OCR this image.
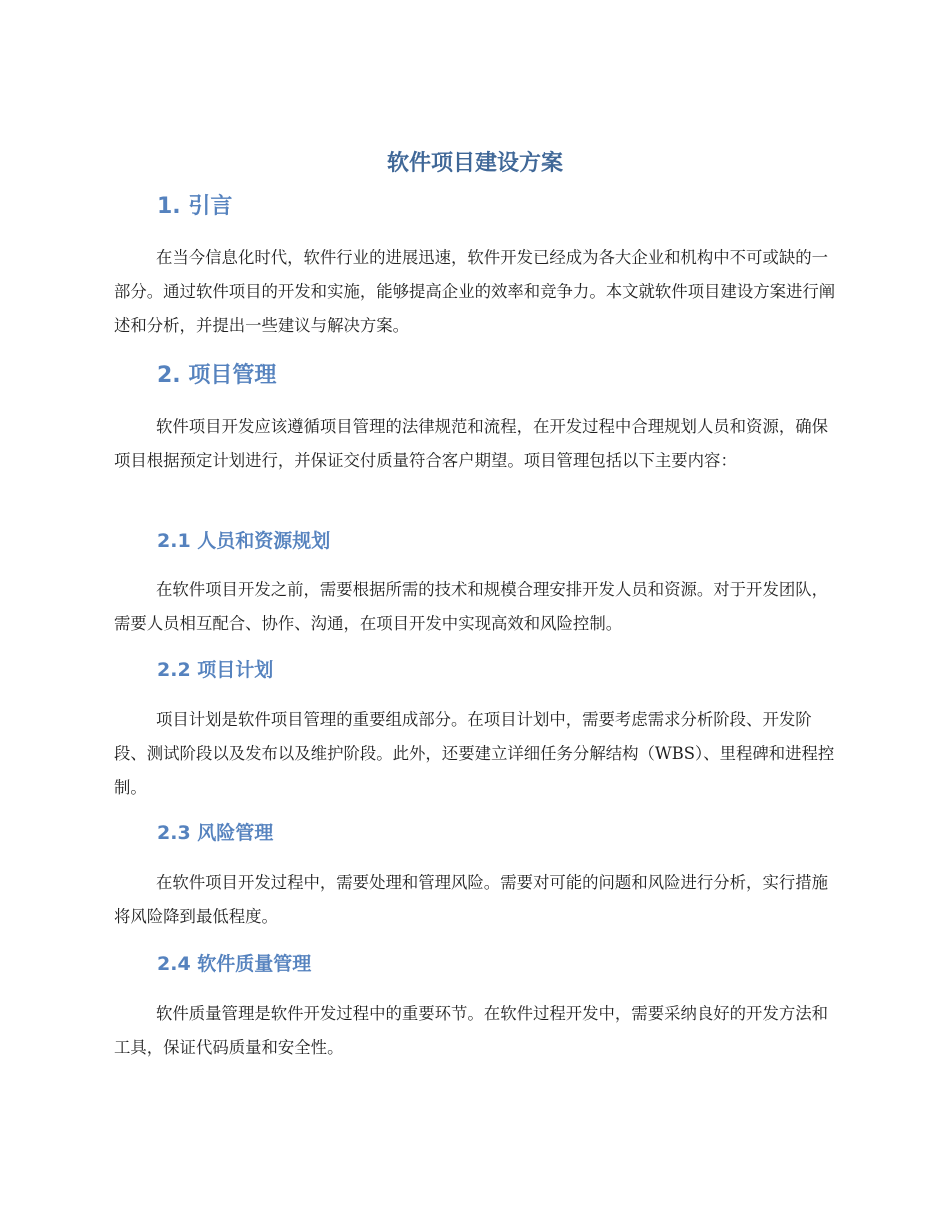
软件项目建设方案
1. 引言

在当今信息化时代，软件行业的进展迅速，软件开发已经成为各大企业和机构中不可或缺的一部分。通过软件项目的开发和实施，能够提高企业的效率和竞争力。本文就软件项目建设方案进行阐述和分析，并提出一些建议与解决方案。

2. 项目管理

软件项目开发应该遵循项目管理的法律规范和流程，在开发过程中合理规划人员和资源，确保项目根据预定计划进行，并保证交付质量符合客户期望。项目管理包括以下主要内容：

2.1 人员和资源规划

在软件项目开发之前，需要根据所需的技术和规模合理安排开发人员和资源。对于开发团队，需要人员相互配合、协作、沟通，在项目开发中实现高效和风险控制。

2.2 项目计划

项目计划是软件项目管理的重要组成部分。在项目计划中，需要考虑需求分析阶段、开发阶段、测试阶段以及发布以及维护阶段。此外，还要建立详细任务分解结构（WBS）、里程碑和进程控制。

2.3 风险管理

在软件项目开发过程中，需要处理和管理风险。需要对可能的问题和风险进行分析，实行措施将风险降到最低程度。

2.4 软件质量管理

软件质量管理是软件开发过程中的重要环节。在软件过程开发中，需要采纳良好的开发方法和工具，保证代码质量和安全性。
